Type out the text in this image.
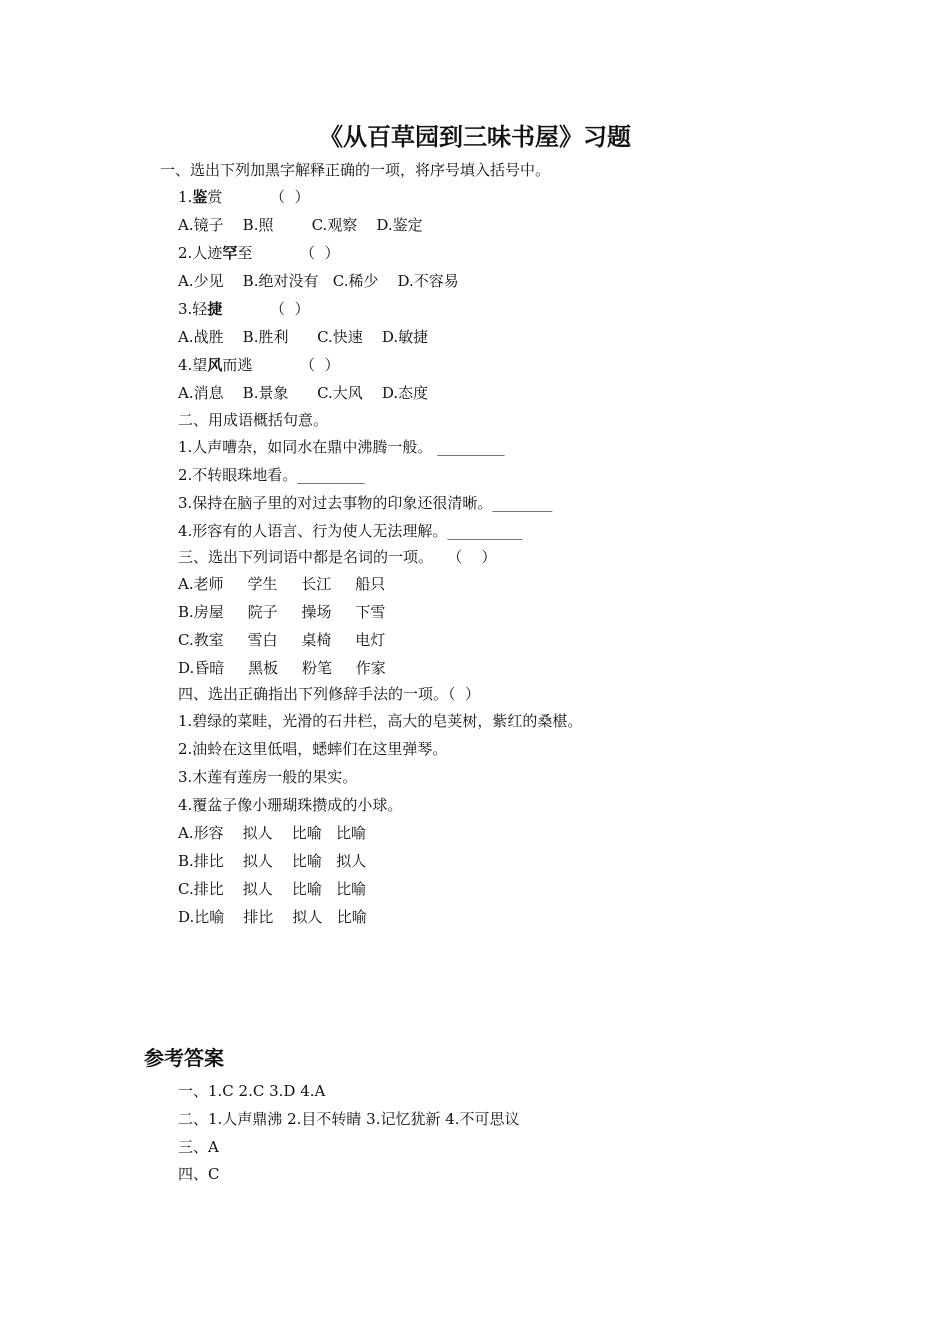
《从百草园到三味书屋》习题
一、选出下列加黑字解释正确的一项，将序号填入括号中。
1.鉴赏          （  ）
A.镜子    B.照        C.观察    D.鉴定
2.人迹罕至          （  ）
A.少见    B.绝对没有   C.稀少    D.不容易
3.轻捷          （  ）
A.战胜    B.胜利      C.快速    D.敏捷
4.望风而逃          （  ）
A.消息    B.景象      C.大风    D.态度
二、用成语概括句意。
1.人声嘈杂，如同水在鼎中沸腾一般。 _________
2.不转眼珠地看。_________
3.保持在脑子里的对过去事物的印象还很清晰。________
4.形容有的人语言、行为使人无法理解。__________
三、选出下列词语中都是名词的一项。   （    ）
A.老师     学生     长江     船只
B.房屋     院子     操场     下雪
C.教室     雪白     桌椅     电灯
D.昏暗     黑板     粉笔     作家
四、选出正确指出下列修辞手法的一项。（  ）
1.碧绿的菜畦，光滑的石井栏，高大的皂荚树，紫红的桑椹。
2.油蛉在这里低唱，蟋蟀们在这里弹琴。
3.木莲有莲房一般的果实。
4.覆盆子像小珊瑚珠攒成的小球。
A.形容    拟人    比喻   比喻
B.排比    拟人    比喻   拟人
C.排比    拟人    比喻   比喻
D.比喻    排比    拟人   比喻
参考答案
一、1.C 2.C 3.D 4.A
二、1.人声鼎沸 2.目不转睛 3.记忆犹新 4.不可思议
三、A
四、C
